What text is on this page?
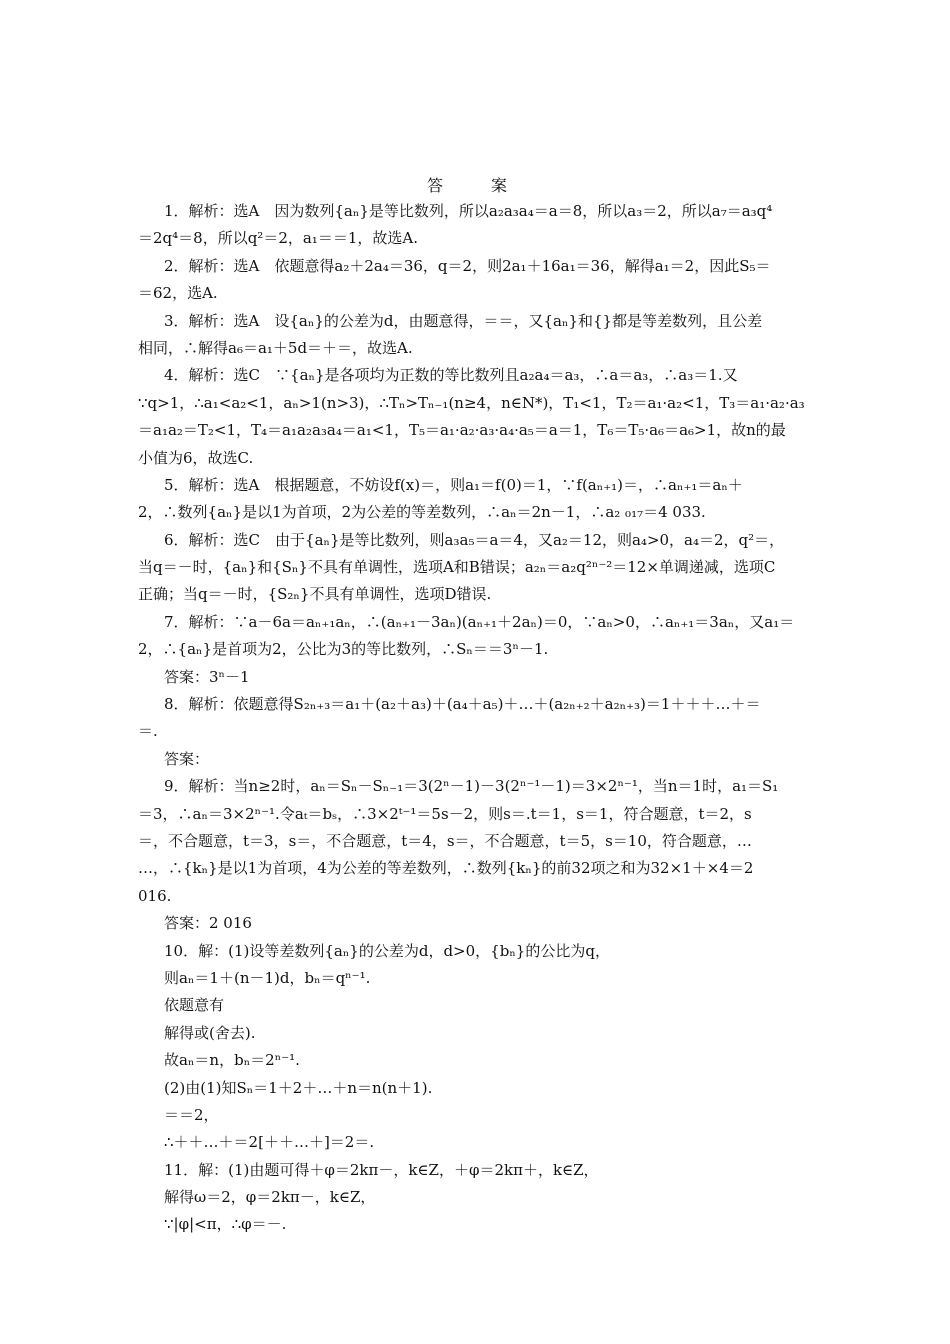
答　案
1．解析：选A　因为数列{aₙ}是等比数列，所以a₂a₃a₄＝a＝8，所以a₃＝2，所以a₇＝a₃q⁴
＝2q⁴＝8，所以q²＝2，a₁＝＝1，故选A.
2．解析：选A　依题意得a₂＋2a₄＝36，q＝2，则2a₁＋16a₁＝36，解得a₁＝2，因此S₅＝
＝62，选A.
3．解析：选A　设{aₙ}的公差为d，由题意得，＝＝，又{aₙ}和{}都是等差数列，且公差
相同，∴解得a₆＝a₁＋5d＝＋＝，故选A.
4．解析：选C　∵{aₙ}是各项均为正数的等比数列且a₂a₄＝a₃，∴a＝a₃，∴a₃＝1.又
∵q>1，∴a₁<a₂<1，aₙ>1(n>3)，∴Tₙ>Tₙ₋₁(n≥4，n∈N*)，T₁<1，T₂＝a₁·a₂<1，T₃＝a₁·a₂·a₃
＝a₁a₂＝T₂<1，T₄＝a₁a₂a₃a₄＝a₁<1，T₅＝a₁·a₂·a₃·a₄·a₅＝a＝1，T₆＝T₅·a₆＝a₆>1，故n的最
小值为6，故选C.
5．解析：选A　根据题意，不妨设f(x)＝，则a₁＝f(0)＝1，∵f(aₙ₊₁)＝，∴aₙ₊₁＝aₙ＋
2，∴数列{aₙ}是以1为首项，2为公差的等差数列，∴aₙ＝2n－1，∴a₂ ₀₁₇＝4 033.
6．解析：选C　由于{aₙ}是等比数列，则a₃a₅＝a＝4，又a₂＝12，则a₄>0，a₄＝2，q²＝，
当q＝－时，{aₙ}和{Sₙ}不具有单调性，选项A和B错误；a₂ₙ＝a₂q²ⁿ⁻²＝12×单调递减，选项C
正确；当q＝－时，{S₂ₙ}不具有单调性，选项D错误.
7．解析：∵a－6a＝aₙ₊₁aₙ，∴(aₙ₊₁－3aₙ)(aₙ₊₁＋2aₙ)＝0，∵aₙ>0，∴aₙ₊₁＝3aₙ，又a₁＝
2，∴{aₙ}是首项为2，公比为3的等比数列，∴Sₙ＝＝3ⁿ－1.
答案：3ⁿ－1
8．解析：依题意得S₂ₙ₊₃＝a₁＋(a₂＋a₃)＋(a₄＋a₅)＋…＋(a₂ₙ₊₂＋a₂ₙ₊₃)＝1＋＋＋…＋＝
＝.
答案：
9．解析：当n≥2时，aₙ＝Sₙ－Sₙ₋₁＝3(2ⁿ－1)－3(2ⁿ⁻¹－1)＝3×2ⁿ⁻¹，当n＝1时，a₁＝S₁
＝3，∴aₙ＝3×2ⁿ⁻¹.令aₜ＝bₛ，∴3×2ᵗ⁻¹＝5s－2，则s＝.t＝1，s＝1，符合题意，t＝2，s
＝，不合题意，t＝3，s＝，不合题意，t＝4，s＝，不合题意，t＝5，s＝10，符合题意，…
…，∴{kₙ}是以1为首项，4为公差的等差数列，∴数列{kₙ}的前32项之和为32×1＋×4＝2
016.
答案：2 016
10．解：(1)设等差数列{aₙ}的公差为d，d>0，{bₙ}的公比为q，
则aₙ＝1＋(n－1)d，bₙ＝qⁿ⁻¹.
依题意有
解得或(舍去).
故aₙ＝n，bₙ＝2ⁿ⁻¹.
(2)由(1)知Sₙ＝1＋2＋…＋n＝n(n＋1).
＝＝2，
∴＋＋…＋＝2[＋＋…＋]＝2＝.
11．解：(1)由题可得＋φ＝2kπ－，k∈Z，＋φ＝2kπ＋，k∈Z，
解得ω＝2，φ＝2kπ－，k∈Z，
∵|φ|<π，∴φ＝－.
